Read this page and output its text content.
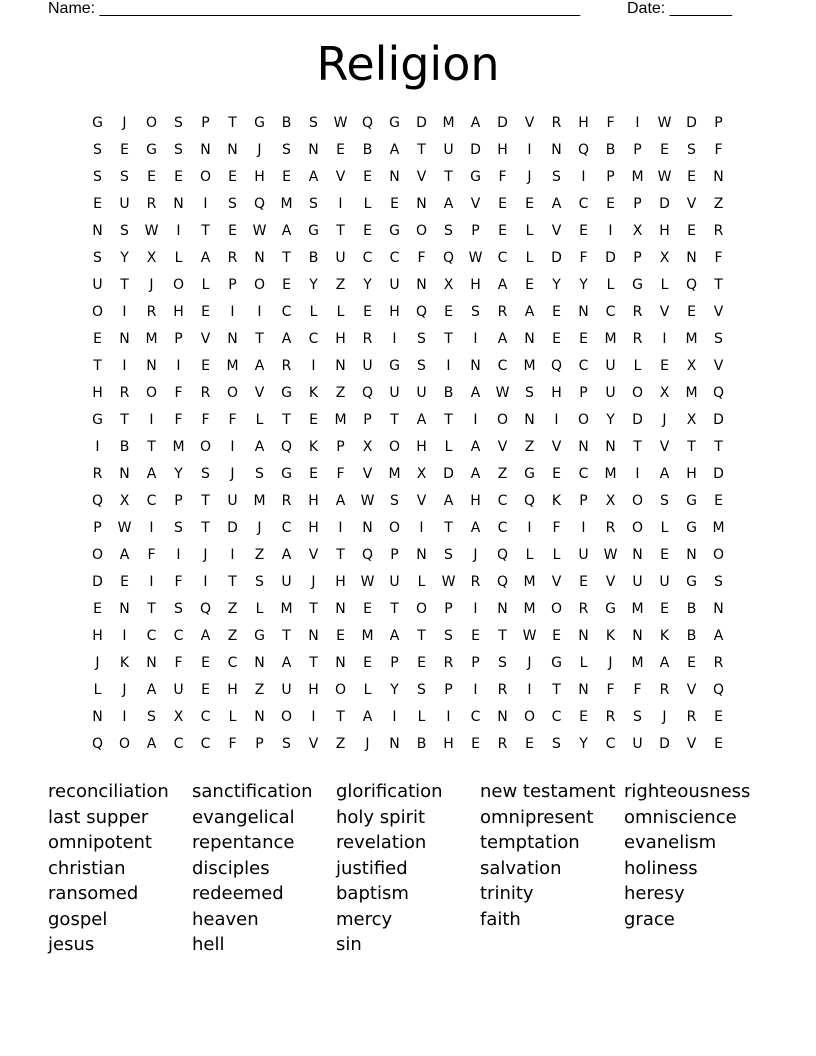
Name: ______________________________________________________	Date: _______
Religion
G	J	O	S	P	T	G	B	S	W	Q	G	D	M	A	D	V	R	H	F	I	W	D	P
S	E	G	S	N	N	J	S	N	E	B	A	T	U	D	H	I	N	Q	B	P	E	S	F
S	S	E	E	O	E	H	E	A	V	E	N	V	T	G	F	J	S	I	P	M	W	E	N
E	U	R	N	I	S	Q	M	S	I	L	E	N	A	V	E	E	A	C	E	P	D	V	Z
N	S	W	I	T	E	W	A	G	T	E	G	O	S	P	E	L	V	E	I	X	H	E	R
S	Y	X	L	A	R	N	T	B	U	C	C	F	Q	W	C	L	D	F	D	P	X	N	F
U	T	J	O	L	P	O	E	Y	Z	Y	U	N	X	H	A	E	Y	Y	L	G	L	Q	T
O	I	R	H	E	I	I	C	L	L	E	H	Q	E	S	R	A	E	N	C	R	V	E	V
E	N	M	P	V	N	T	A	C	H	R	I	S	T	I	A	N	E	E	M	R	I	M	S
T	I	N	I	E	M	A	R	I	N	U	G	S	I	N	C	M	Q	C	U	L	E	X	V
H	R	O	F	R	O	V	G	K	Z	Q	U	U	B	A	W	S	H	P	U	O	X	M	Q
G	T	I	F	F	F	L	T	E	M	P	T	A	T	I	O	N	I	O	Y	D	J	X	D
I	B	T	M	O	I	A	Q	K	P	X	O	H	L	A	V	Z	V	N	N	T	V	T	T
R	N	A	Y	S	J	S	G	E	F	V	M	X	D	A	Z	G	E	C	M	I	A	H	D
Q	X	C	P	T	U	M	R	H	A	W	S	V	A	H	C	Q	K	P	X	O	S	G	E
P	W	I	S	T	D	J	C	H	I	N	O	I	T	A	C	I	F	I	R	O	L	G	M
O	A	F	I	J	I	Z	A	V	T	Q	P	N	S	J	Q	L	L	U	W	N	E	N	O
D	E	I	F	I	T	S	U	J	H	W	U	L	W	R	Q	M	V	E	V	U	U	G	S
E	N	T	S	Q	Z	L	M	T	N	E	T	O	P	I	N	M	O	R	G	M	E	B	N
H	I	C	C	A	Z	G	T	N	E	M	A	T	S	E	T	W	E	N	K	N	K	B	A
J	K	N	F	E	C	N	A	T	N	E	P	E	R	P	S	J	G	L	J	M	A	E	R
L	J	A	U	E	H	Z	U	H	O	L	Y	S	P	I	R	I	T	N	F	F	R	V	Q
N	I	S	X	C	L	N	O	I	T	A	I	L	I	C	N	O	C	E	R	S	J	R	E
Q	O	A	C	C	F	P	S	V	Z	J	N	B	H	E	R	E	S	Y	C	U	D	V	E
reconciliation
last supper
omnipotent
christian
ransomed
gospel
jesus
sanctification
evangelical
repentance
disciples
redeemed
heaven
hell
glorification
holy spirit
revelation
justified
baptism
mercy
sin
new testament
omnipresent
temptation
salvation
trinity
faith
righteousness
omniscience
evanelism
holiness
heresy
grace
